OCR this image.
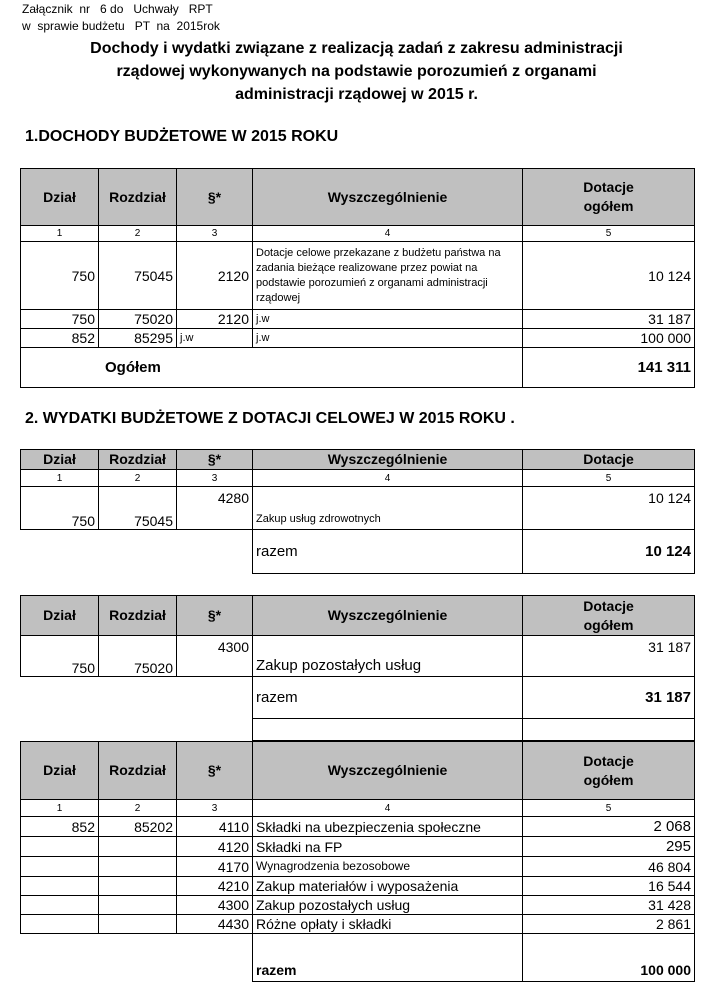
Załącznik  nr   6 do   Uchwały   RPT
w  sprawie budżetu   PT  na  2015rok
Dochody i wydatki związane z realizacją zadań z zakresu administracji
rządowej wykonywanych na podstawie porozumień z organami
administracji rządowej w 2015 r.
1.DOCHODY BUDŻETOWE W 2015 ROKU
Dział	Rozdział	§*	Wyszczególnienie	Dotacje ogółem
1	2	3	4	5
750	75045	2120	Dotacje celowe przekazane z budżetu państwa na zadania bieżące realizowane przez powiat na podstawie porozumień z organami administracji rządowej	10 124
750	75020	2120	j.w	31 187
852	85295	j.w	j.w	100 000
Ogółem				141 311
2. WYDATKI BUDŻETOWE Z DOTACJI CELOWEJ W 2015 ROKU .
Dział	Rozdział	§*	Wyszczególnienie	Dotacje
1	2	3	4	5
750	75045	4280	Zakup usług zdrowotnych	10 124
			razem	10 124
Dział	Rozdział	§*	Wyszczególnienie	Dotacje ogółem
750	75020	4300	Zakup pozostałych usług	31 187
			razem	31 187

Dział	Rozdział	§*	Wyszczególnienie	Dotacje ogółem
1	2	3	4	5
852	85202	4110	Składki na ubezpieczenia społeczne	2 068
		4120	Składki na FP	295
		4170	Wynagrodzenia bezosobowe	46 804
		4210	Zakup materiałów i wyposażenia	16 544
		4300	Zakup pozostałych usług	31 428
		4430	Różne opłaty i składki	2 861
			razem	100 000
